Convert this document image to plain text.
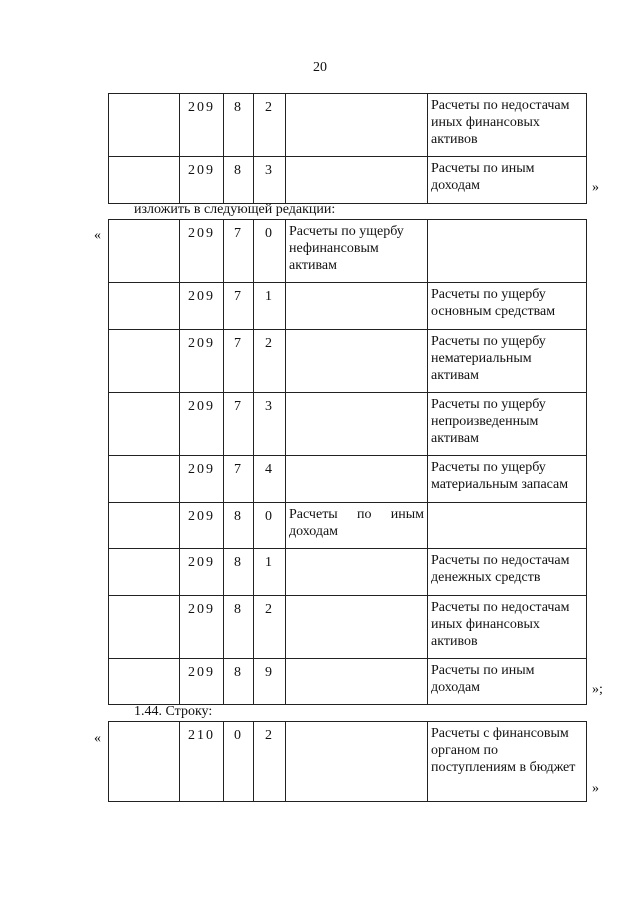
20
	209	8	2		Расчеты по недостачам иных финансовых активов
	209	8	3		Расчеты по иным доходам	»
изложить в следующей редакции:
«
		209	7	0	Расчеты по ущербу нефинансовым активам	
	209	7	1		Расчеты по ущербу основным средствам
	209	7	2		Расчеты по ущербу нематериальным активам
	209	7	3		Расчеты по ущербу непроизведенным активам
	209	7	4		Расчеты по ущербу материальным запасам
	209	8	0	Расчеты по иным
доходам	

	209	8	1		Расчеты по недостачам денежных средств
	209	8	2		Расчеты по недостачам иных финансовых активов
	209	8	9		Расчеты по иным доходам	»;
1.44. Строку:
«
		210	0	2		Расчеты с финансовым органом по поступлениям в бюджет
»
